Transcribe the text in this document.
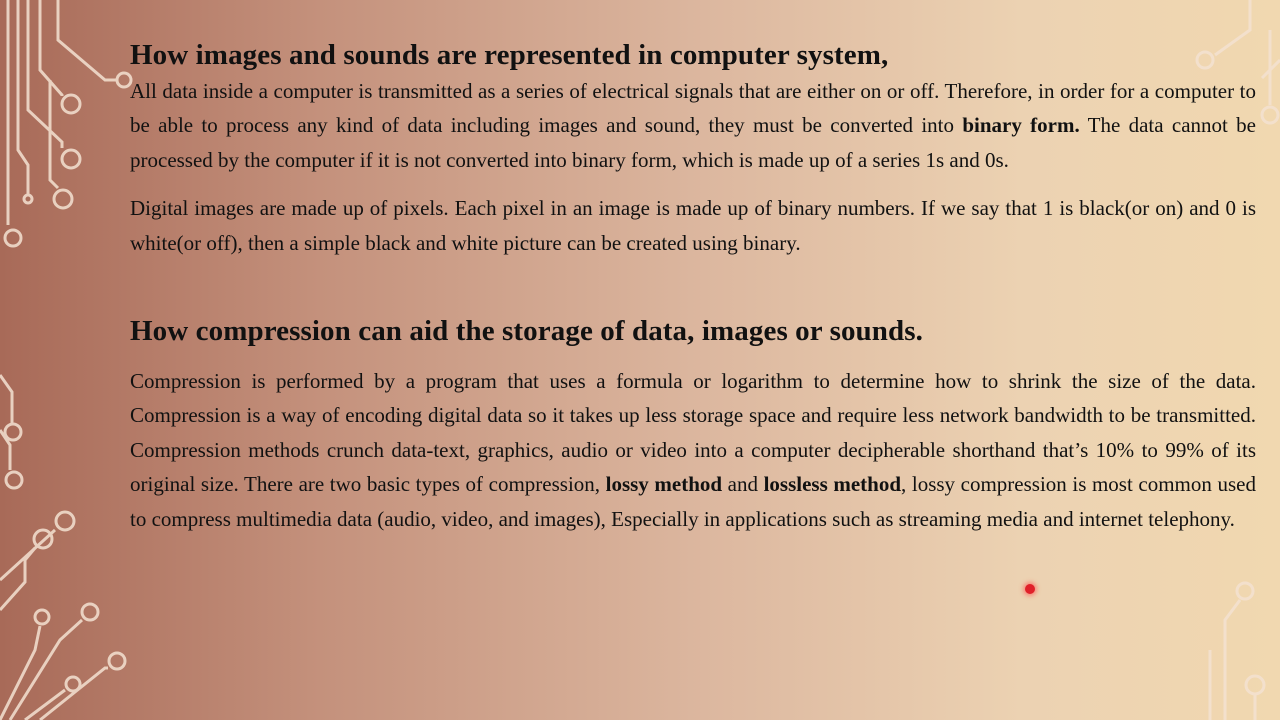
How images and sounds are represented in computer system,

All data inside a computer is transmitted as a series of electrical signals that are either on or off. Therefore, in order for a computer to be able to process any kind of data including images and sound, they must be converted into binary form. The data cannot be processed by the computer if it is not converted into binary form, which is made up of a series 1s and 0s.

Digital images are made up of pixels. Each pixel in an image is made up of binary numbers. If we say that 1 is black(or on) and 0 is white(or off), then a simple black and white picture can be created using binary.

How compression can aid the storage of data, images or sounds.

Compression is performed by a program that uses a formula or logarithm to determine how to shrink the size of the data. Compression is a way of encoding digital data so it takes up less storage space and require less network bandwidth to be transmitted. Compression methods crunch data-text, graphics, audio or video into a computer decipherable shorthand that’s 10% to 99% of its original size. There are two basic types of compression, lossy method and lossless method, lossy compression is most common used to compress multimedia data (audio, video, and images), Especially in applications such as streaming media and internet telephony.
